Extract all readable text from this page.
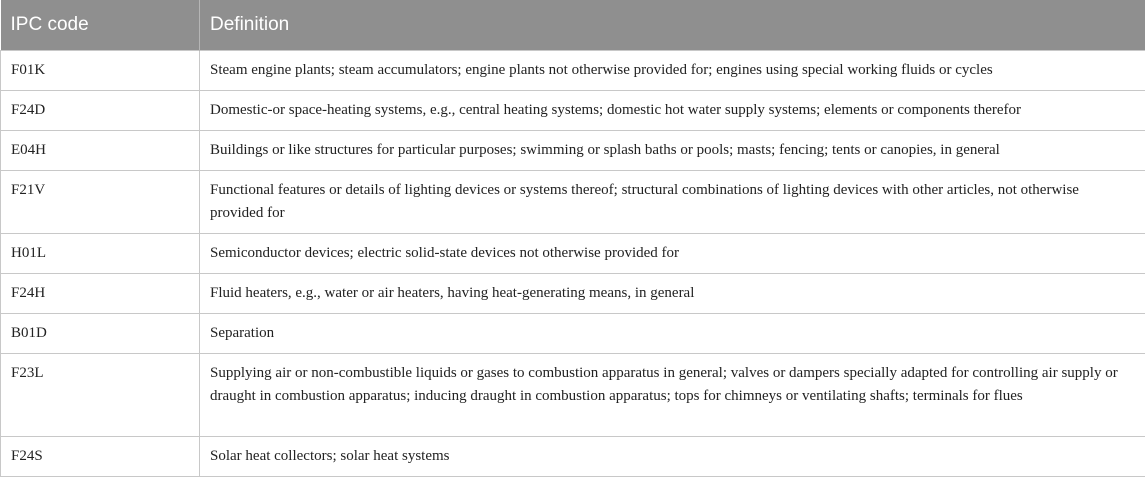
IPC code	Definition
F01K	Steam engine plants; steam accumulators; engine plants not otherwise provided for; engines using special working fluids or cycles
F24D	Domestic-or space-heating systems, e.g., central heating systems; domestic hot water supply systems; elements or components therefor
E04H	Buildings or like structures for particular purposes; swimming or splash baths or pools; masts; fencing; tents or canopies, in general
F21V	Functional features or details of lighting devices or systems thereof; structural combinations of lighting devices with other articles, not otherwise provided for
H01L	Semiconductor devices; electric solid-state devices not otherwise provided for
F24H	Fluid heaters, e.g., water or air heaters, having heat-generating means, in general
B01D	Separation
F23L	Supplying air or non-combustible liquids or gases to combustion apparatus in general; valves or dampers specially adapted for controlling air supply or draught in combustion apparatus; inducing draught in combustion apparatus; tops for chimneys or ventilating shafts; terminals for flues
F24S	Solar heat collectors; solar heat systems
